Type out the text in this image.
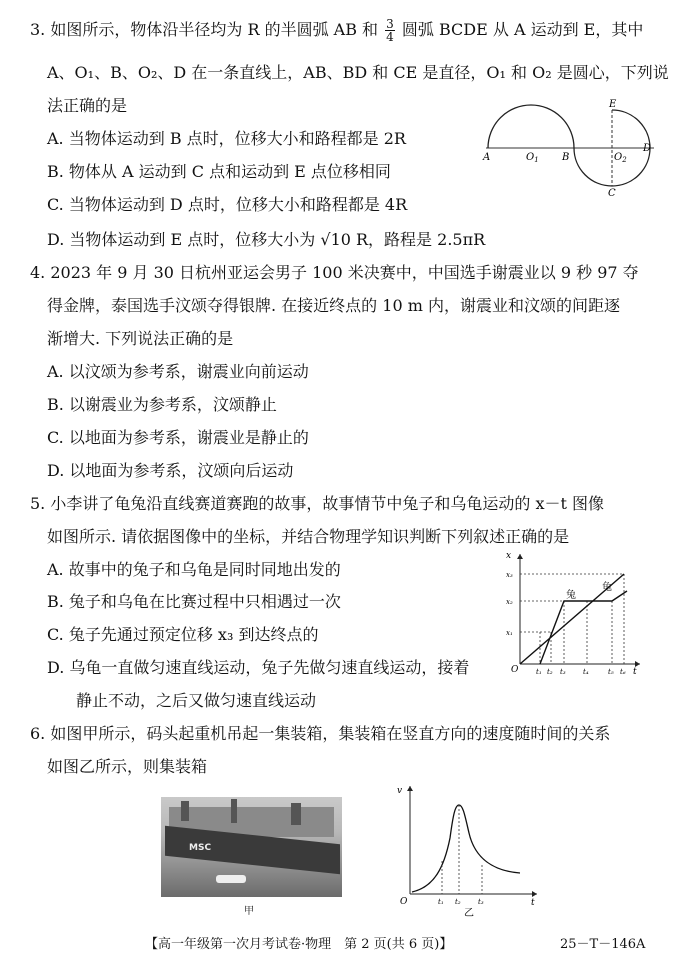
3. 如图所示，物体沿半径均为 R 的半圆弧 AB 和 $\frac{3}{4}$ 圆弧 BCDE 从 A 运动到 E，其中
A、O₁、B、O₂、D 在一条直线上，AB、BD 和 CE 是直径，O₁ 和 O₂ 是圆心，下列说
法正确的是
A. 当物体运动到 B 点时，位移大小和路程都是 2R
B. 物体从 A 运动到 C 点和运动到 E 点位移相同
C. 当物体运动到 D 点时，位移大小和路程都是 4R
D. 当物体运动到 E 点时，位移大小为 √10 R，路程是 2.5πR
A	$O_1$ B	$O_2$
D
E
C
4. 2023 年 9 月 30 日杭州亚运会男子 100 米决赛中，中国选手谢震业以 9 秒 97 夺
得金牌，泰国选手汶颂夺得银牌. 在接近终点的 10 m 内，谢震业和汶颂的间距逐
渐增大. 下列说法正确的是
A. 以汶颂为参考系，谢震业向前运动
B. 以谢震业为参考系，汶颂静止
C. 以地面为参考系，谢震业是静止的
D. 以地面为参考系，汶颂向后运动
5. 小李讲了龟兔沿直线赛道赛跑的故事，故事情节中兔子和乌龟运动的 x－t 图像
如图所示. 请依据图像中的坐标，并结合物理学知识判断下列叙述正确的是
A. 故事中的兔子和乌龟是同时同地出发的
B. 兔子和乌龟在比赛过程中只相遇过一次
C. 兔子先通过预定位移 x₃ 到达终点的
D. 乌龟一直做匀速直线运动，兔子先做匀速直线运动，接着
静止不动，之后又做匀速直线运动
x
t
O
x₃
x₂
x₁
t₁ t₂ t₃ t₄	t₅ t₆
龟
兔
6. 如图甲所示，码头起重机吊起一集装箱，集装箱在竖直方向的速度随时间的关系
如图乙所示，则集装箱
MSC
甲
v
t
O	t₁ t₂ t₃
乙
【高一年级第一次月考试卷·物理　第 2 页(共 6 页)】	25－T－146A
